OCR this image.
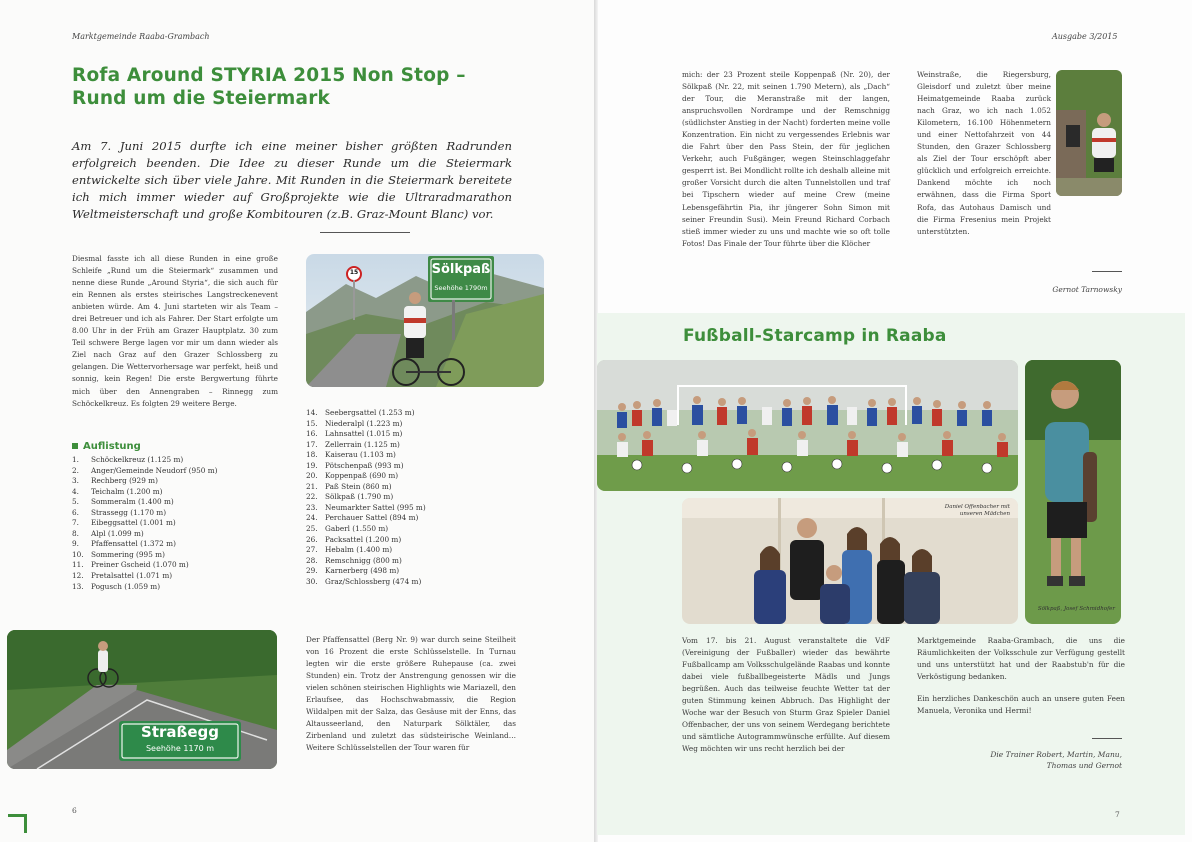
Marktgemeinde Raaba-Grambach
Rofa Around STYRIA 2015 Non Stop –
Rund um die Steiermark
Am 7. Juni 2015 durfte ich eine meiner bisher größten Radrunden erfolgreich beenden. Die Idee zu dieser Runde um die Steiermark entwickelte sich über viele Jahre. Mit Runden in die Steiermark bereitete ich mich immer wieder auf Großprojekte wie die Ultraradmarathon Weltmeisterschaft und große Kombitouren (z.B. Graz-Mount Blanc) vor.
Diesmal fasste ich all diese Runden in eine große Schleife „Rund um die Steiermark“ zusammen und nenne diese Runde „Around Styria“, die sich auch für ein Rennen als erstes steirisches Langstreckenevent anbieten würde. Am 4. Juni starteten wir als Team – drei Betreuer und ich als Fahrer. Der Start erfolgte um 8.00 Uhr in der Früh am Grazer Hauptplatz. 30 zum Teil schwere Berge lagen vor mir um dann wieder als Ziel nach Graz auf den Grazer Schlossberg zu gelangen. Die Wettervorhersage war perfekt, heiß und sonnig, kein Regen! Die erste Bergwertung führte mich über den Annengraben – Rinnegg zum Schöckelkreuz. Es folgten 29 weitere Berge.
Sölkpaß
Seehöhe 1790m
15
Auflistung
1. Schöckelkreuz (1.125 m)
2. Anger/Gemeinde Neudorf (950 m)
3. Rechberg (929 m)
4. Teichalm (1.200 m)
5. Sommeralm (1.400 m)
6. Strassegg (1.170 m)
7. Eibeggsattel (1.001 m)
8. Alpl (1.099 m)
9. Pfaffensattel (1.372 m)
10. Sommering (995 m)
11. Preiner Gscheid (1.070 m)
12. Pretalsattel (1.071 m)
13. Pogusch (1.059 m)
14. Seebergsattel (1.253 m)
15. Niederalpl (1.223 m)
16. Lahnsattel (1.015 m)
17. Zellerrain (1.125 m)
18. Kaiserau (1.103 m)
19. Pötschenpaß (993 m)
20. Koppenpaß (690 m)
21. Paß Stein (860 m)
22. Sölkpaß (1.790 m)
23. Neumarkter Sattel (995 m)
24. Perchauer Sattel (894 m)
25. Gaberl (1.550 m)
26. Packsattel (1.200 m)
27. Hebalm (1.400 m)
28. Remschnigg (800 m)
29. Karnerberg (498 m)
30. Graz/Schlossberg (474 m)
Straßegg
Seehöhe 1170 m
Der Pfaffensattel (Berg Nr. 9) war durch seine Steilheit von 16 Prozent die erste Schlüsselstelle. In Turnau legten wir die erste größere Ruhepause (ca. zwei Stunden) ein. Trotz der Anstrengung genossen wir die vielen schönen steirischen Highlights wie Mariazell, den Erlaufsee, das Hochschwabmassiv, die Region Wildalpen mit der Salza, das Gesäuse mit der Enns, das Altausseerland, den Naturpark Sölktäler, das Zirbenland und zuletzt das südsteirische Weinland… Weitere Schlüsselstellen der Tour waren für
6
Ausgabe 3/2015
mich: der 23 Prozent steile Koppenpaß (Nr. 20), der Sölkpaß (Nr. 22, mit seinen 1.790 Metern), als „Dach“ der Tour, die Meranstraße mit der langen, anspruchsvollen Nordrampe und der Remschnigg (südlichster Anstieg in der Nacht) forderten meine volle Konzentration. Ein nicht zu vergessendes Erlebnis war die Fahrt über den Pass Stein, der für jeglichen Verkehr, auch Fußgänger, wegen Steinschlaggefahr gesperrt ist. Bei Mondlicht rollte ich deshalb alleine mit großer Vorsicht durch die alten Tunnelstollen und traf bei Tipschern wieder auf meine Crew (meine Lebensgefährtin Pia, ihr jüngerer Sohn Simon mit seiner Freundin Susi). Mein Freund Richard Corbach stieß immer wieder zu uns und machte wie so oft tolle Fotos! Das Finale der Tour führte über die Klöcher
Weinstraße, die Riegersburg, Gleisdorf und zuletzt über meine Heimatgemeinde Raaba zurück nach Graz, wo ich nach 1.052 Kilometern, 16.100 Höhenmetern und einer Nettofahrzeit von 44 Stunden, den Grazer Schlossberg als Ziel der Tour erschöpft aber glücklich und erfolgreich erreichte. Dankend möchte ich noch erwähnen, dass die Firma Sport Rofa, das Autohaus Damisch und die Firma Fresenius mein Projekt unterstützten.
Gernot Tarnowsky
Fußball-Starcamp in Raaba
Daniel Offenbacher mit
unseren Mädchen
Sölkpaß, Josef Schmidhofer
Vom 17. bis 21. August veranstaltete die VdF (Vereinigung der Fußballer) wieder das bewährte Fußballcamp am Volksschulgelände Raabas und konnte dabei viele fußballbegeisterte Mädls und Jungs begrüßen. Auch das teilweise feuchte Wetter tat der guten Stimmung keinen Abbruch. Das Highlight der Woche war der Besuch von Sturm Graz Spieler Daniel Offenbacher, der uns von seinem Werdegang berichtete und sämtliche Autogrammwünsche erfüllte. Auf diesem Weg möchten wir uns recht herzlich bei der
Marktgemeinde Raaba-Grambach, die uns die Räumlichkeiten der Volksschule zur Verfügung gestellt und uns unterstützt hat und der Raabstub'n für die Verköstigung bedanken.
Ein herzliches Dankeschön auch an unsere guten Feen Manuela, Veronika und Hermi!
Die Trainer Robert, Martin, Manu,
Thomas und Gernot
7
